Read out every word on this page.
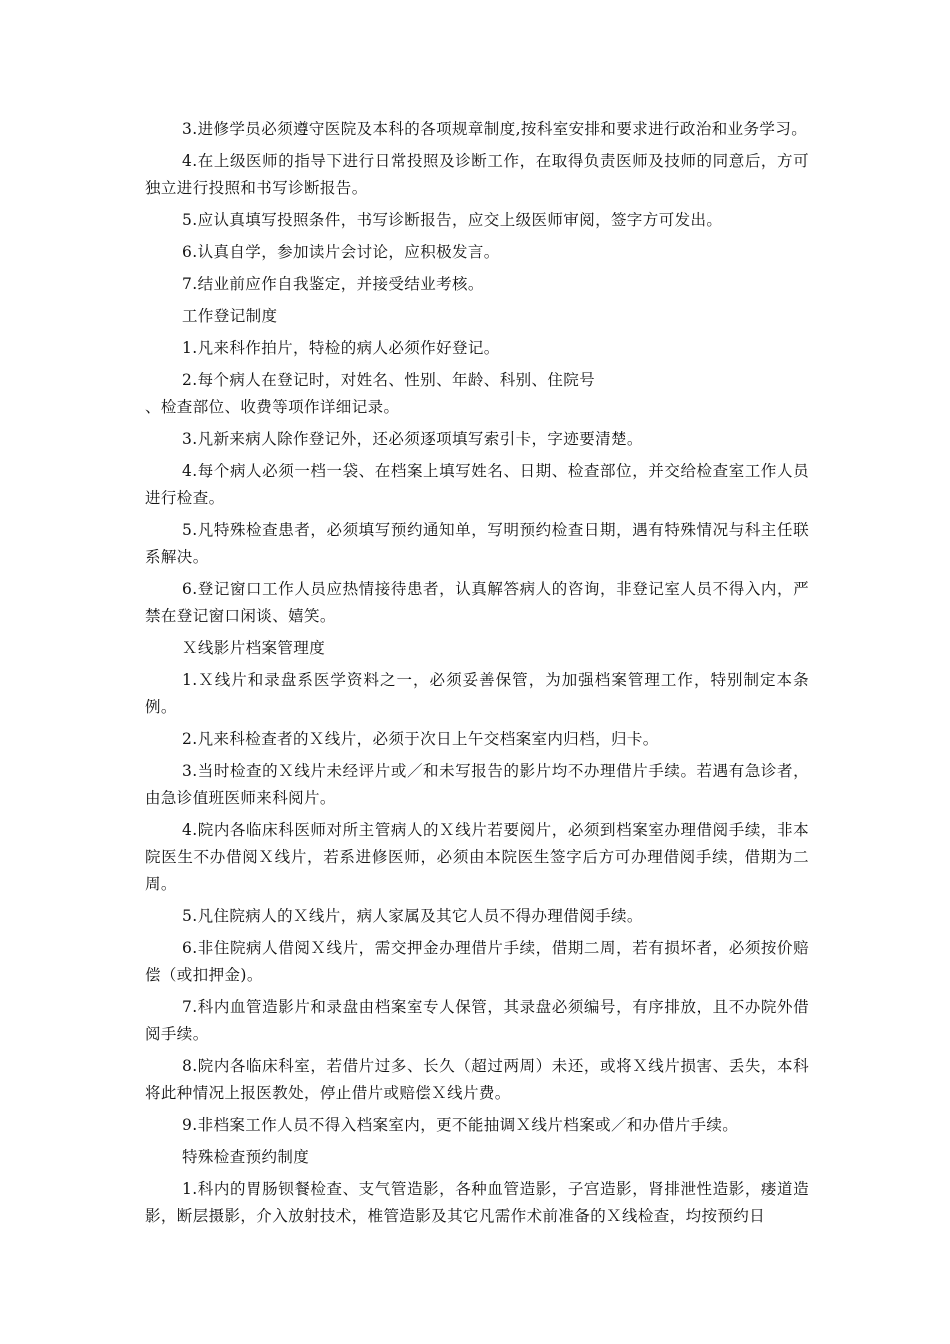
3.进修学员必须遵守医院及本科的各项规章制度,按科室安排和要求进行政治和业务学习。

4.在上级医师的指导下进行日常投照及诊断工作，在取得负责医师及技师的同意后，方可独立进行投照和书写诊断报告。

5.应认真填写投照条件，书写诊断报告，应交上级医师审阅，签字方可发出。

6.认真自学，参加读片会讨论，应积极发言。

7.结业前应作自我鉴定，并接受结业考核。

工作登记制度

1.凡来科作拍片，特检的病人必须作好登记。

2.每个病人在登记时，对姓名、性别、年龄、科别、住院号
、检查部位、收费等项作详细记录。

3.凡新来病人除作登记外，还必须逐项填写索引卡，字迹要清楚。

4.每个病人必须一档一袋、在档案上填写姓名、日期、检查部位，并交给检查室工作人员进行检查。

5.凡特殊检查患者，必须填写预约通知单，写明预约检查日期，遇有特殊情况与科主任联系解决。

6.登记窗口工作人员应热情接待患者，认真解答病人的咨询，非登记室人员不得入内，严禁在登记窗口闲谈、嬉笑。

Ｘ线影片档案管理度

1.Ｘ线片和录盘系医学资料之一，必须妥善保管，为加强档案管理工作，特别制定本条例。

2.凡来科检查者的Ｘ线片，必须于次日上午交档案室内归档，归卡。

3.当时检查的Ｘ线片未经评片或／和未写报告的影片均不办理借片手续。若遇有急诊者，由急诊值班医师来科阅片。

4.院内各临床科医师对所主管病人的Ｘ线片若要阅片，必须到档案室办理借阅手续，非本院医生不办借阅Ｘ线片，若系进修医师，必须由本院医生签字后方可办理借阅手续，借期为二周。

5.凡住院病人的Ｘ线片，病人家属及其它人员不得办理借阅手续。

6.非住院病人借阅Ｘ线片，需交押金办理借片手续，借期二周，若有损坏者，必须按价赔偿（或扣押金)。

7.科内血管造影片和录盘由档案室专人保管，其录盘必须编号，有序排放，且不办院外借阅手续。

8.院内各临床科室，若借片过多、长久（超过两周）未还，或将Ｘ线片损害、丢失，本科将此种情况上报医教处，停止借片或赔偿Ｘ线片费。

9.非档案工作人员不得入档案室内，更不能抽调Ｘ线片档案或／和办借片手续。

特殊检查预约制度

1.科内的胃肠钡餐检查、支气管造影，各种血管造影，子宫造影，肾排泄性造影，瘘道造影，断层摄影，介入放射技术，椎管造影及其它凡需作术前准备的Ｘ线检查，均按预约日
